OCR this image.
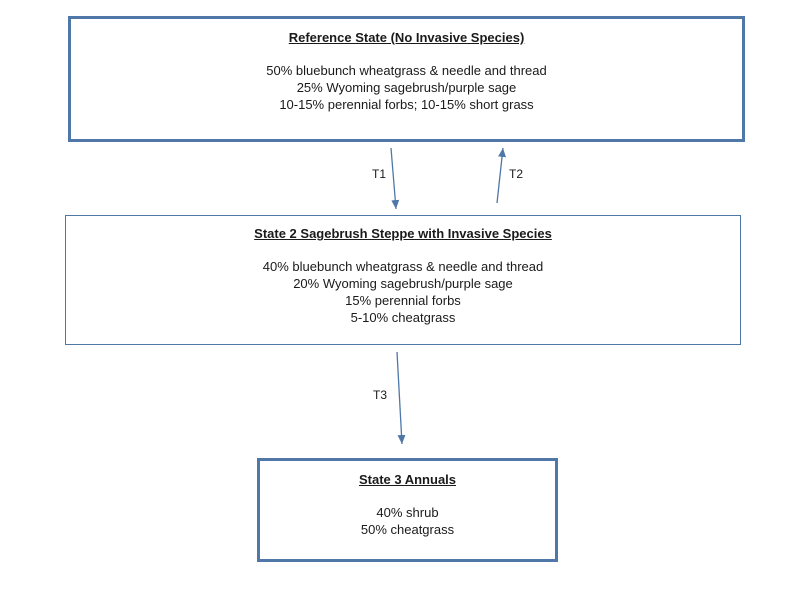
Reference State (No Invasive Species)
50% bluebunch wheatgrass & needle and thread
25% Wyoming sagebrush/purple sage
10-15% perennial forbs; 10-15% short grass
State 2 Sagebrush Steppe with Invasive Species
40% bluebunch wheatgrass & needle and thread
20% Wyoming sagebrush/purple sage
15% perennial forbs
5-10% cheatgrass
State 3 Annuals
40% shrub
50% cheatgrass
T1	T2
T3
